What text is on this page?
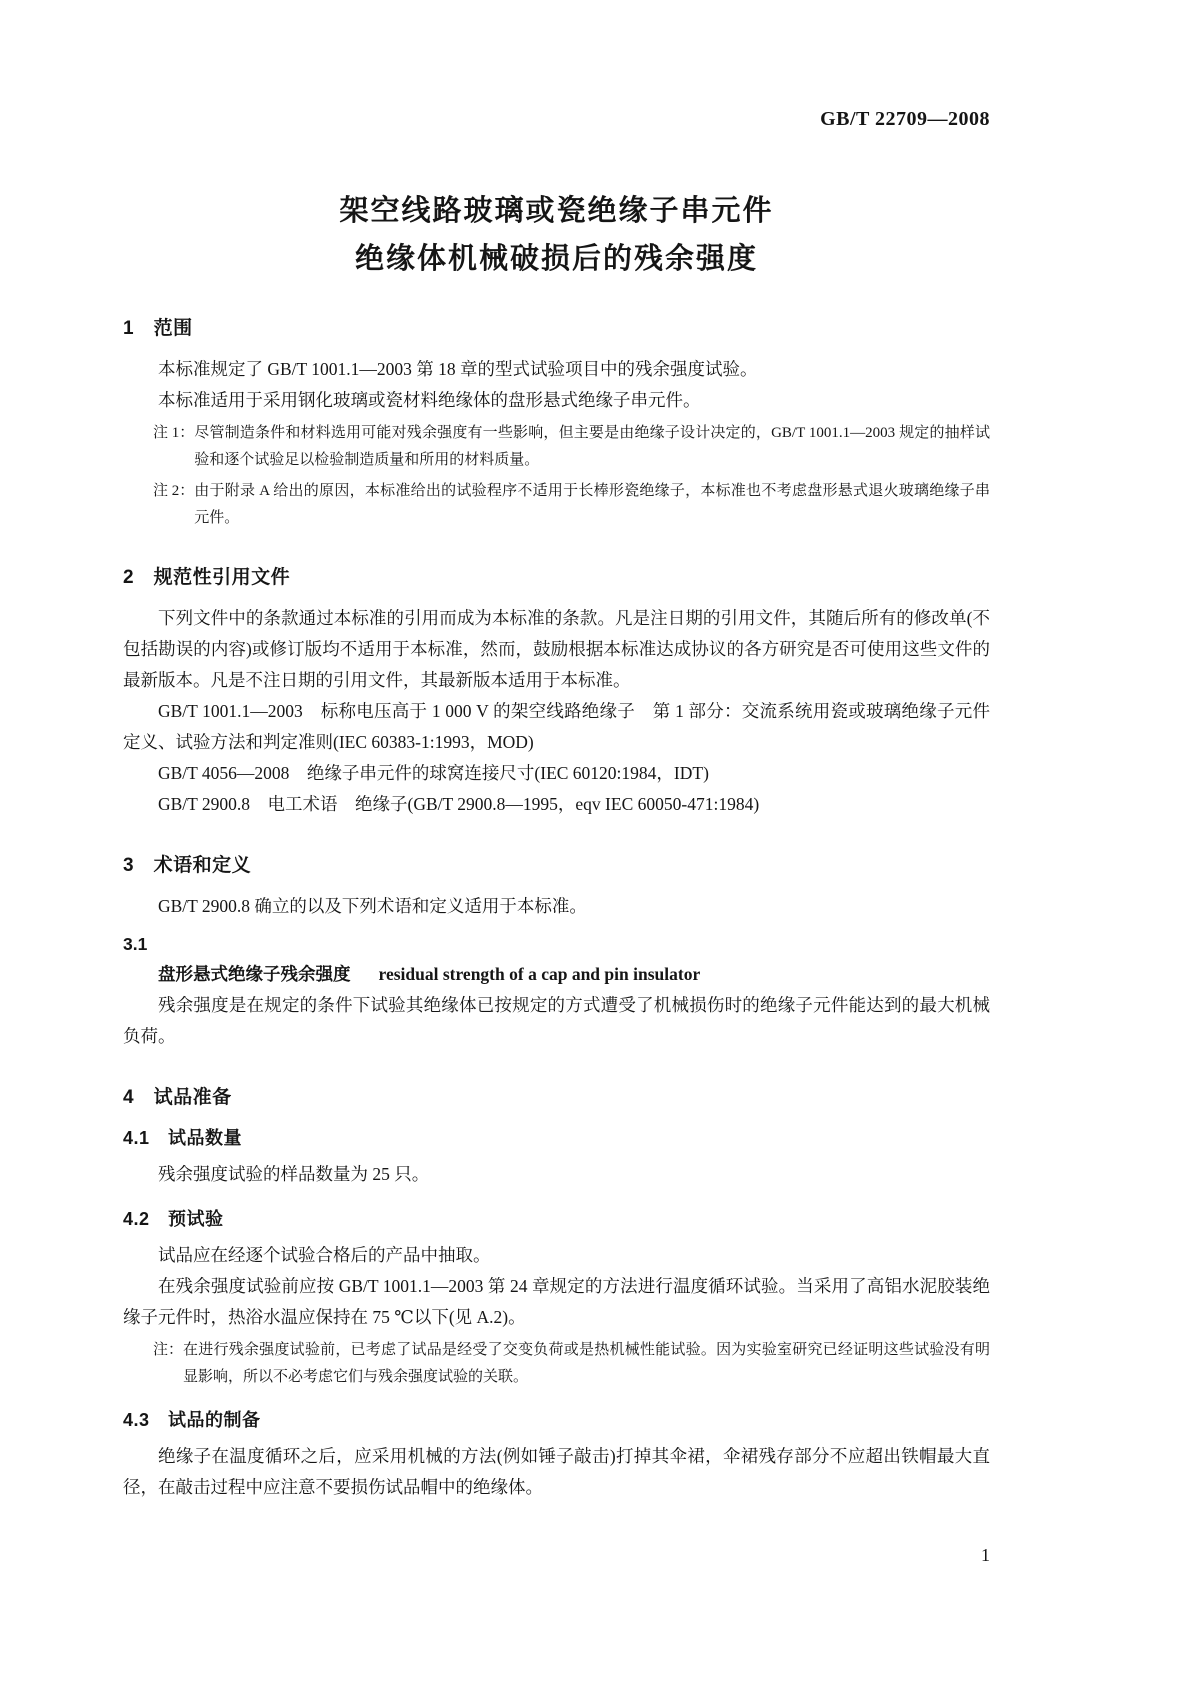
GB/T 22709—2008
架空线路玻璃或瓷绝缘子串元件
绝缘体机械破损后的残余强度
1　范围

本标准规定了 GB/T 1001.1—2003 第 18 章的型式试验项目中的残余强度试验。

本标准适用于采用钢化玻璃或瓷材料绝缘体的盘形悬式绝缘子串元件。

注 1： 尽管制造条件和材料选用可能对残余强度有一些影响，但主要是由绝缘子设计决定的，GB/T 1001.1—2003 规定的抽样试验和逐个试验足以检验制造质量和所用的材料质量。
注 2： 由于附录 A 给出的原因，本标准给出的试验程序不适用于长棒形瓷绝缘子，本标准也不考虑盘形悬式退火玻璃绝缘子串元件。
2　规范性引用文件

下列文件中的条款通过本标准的引用而成为本标准的条款。凡是注日期的引用文件，其随后所有的修改单(不包括勘误的内容)或修订版均不适用于本标准，然而，鼓励根据本标准达成协议的各方研究是否可使用这些文件的最新版本。凡是不注日期的引用文件，其最新版本适用于本标准。

GB/T 1001.1—2003　标称电压高于 1 000 V 的架空线路绝缘子　第 1 部分：交流系统用瓷或玻璃绝缘子元件　定义、试验方法和判定准则(IEC 60383-1:1993，MOD)

GB/T 4056—2008　绝缘子串元件的球窝连接尺寸(IEC 60120:1984，IDT)

GB/T 2900.8　电工术语　绝缘子(GB/T 2900.8—1995，eqv IEC 60050-471:1984)

3　术语和定义

GB/T 2900.8 确立的以及下列术语和定义适用于本标准。

3.1

盘形悬式绝缘子残余强度 residual strength of a cap and pin insulator

残余强度是在规定的条件下试验其绝缘体已按规定的方式遭受了机械损伤时的绝缘子元件能达到的最大机械负荷。

4　试品准备
4.1　试品数量

残余强度试验的样品数量为 25 只。

4.2　预试验

试品应在经逐个试验合格后的产品中抽取。

在残余强度试验前应按 GB/T 1001.1—2003 第 24 章规定的方法进行温度循环试验。当采用了高铝水泥胶装绝缘子元件时，热浴水温应保持在 75 ℃以下(见 A.2)。

注： 在进行残余强度试验前，已考虑了试品是经受了交变负荷或是热机械性能试验。因为实验室研究已经证明这些试验没有明显影响，所以不必考虑它们与残余强度试验的关联。
4.3　试品的制备

绝缘子在温度循环之后，应采用机械的方法(例如锤子敲击)打掉其伞裙，伞裙残存部分不应超出铁帽最大直径，在敲击过程中应注意不要损伤试品帽中的绝缘体。

1
